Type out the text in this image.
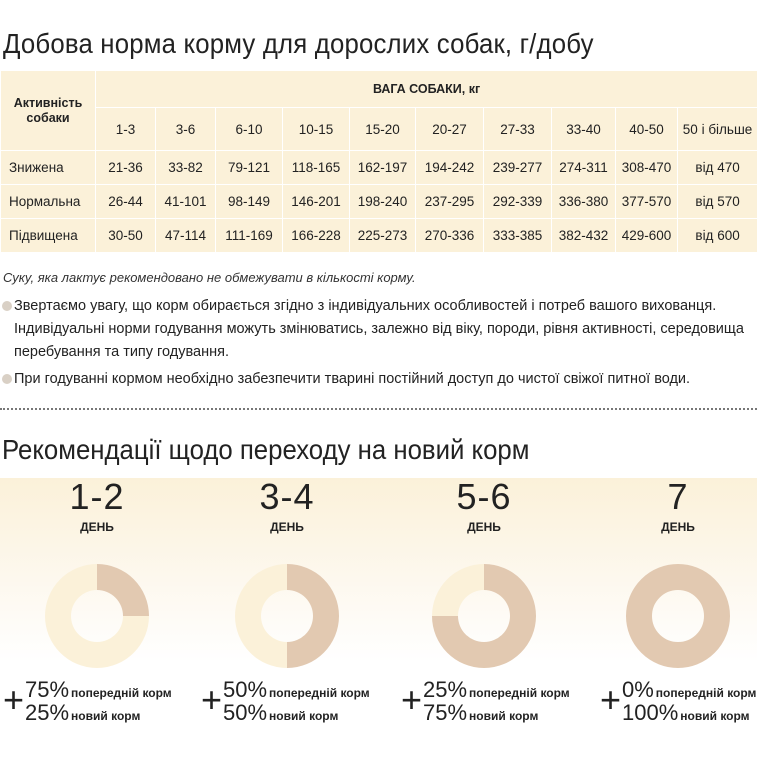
Добова норма корму для дорослих собак, г/добу
Активність собаки	ВАГА СОБАКИ, кг									
	1-3	3-6	6-10	10-15	15-20	20-27	27-33	33-40	40-50	50 і більше
Знижена	21-36	33-82	79-121	118-165	162-197	194-242	239-277	274-311	308-470	від 470
Нормальна	26-44	41-101	98-149	146-201	198-240	237-295	292-339	336-380	377-570	від 570
Підвищена	30-50	47-114	111-169	166-228	225-273	270-336	333-385	382-432	429-600	від 600

Суку, яка лактує рекомендовано не обмежувати в кількості корму.

Звертаємо увагу, що корм обирається згідно з індивідуальних особливостей і потреб вашого вихованця. Індивідуальні норми годування можуть змінюватись, залежно від віку, породи, рівня активності, середовища перебування та типу годування.

При годуванні кормом необхідно забезпечити тварині постійний доступ до чистої свіжої питної води.

Рекомендації щодо переходу на новий корм
1-2
ДЕНЬ
3-4
ДЕНЬ
5-6
ДЕНЬ
7
ДЕНЬ
+ 75% попередній корм
25% новий корм + 50% попередній корм
50% новий корм + 25% попередній корм
75% новий корм + 0% попередній корм
100% новий корм
